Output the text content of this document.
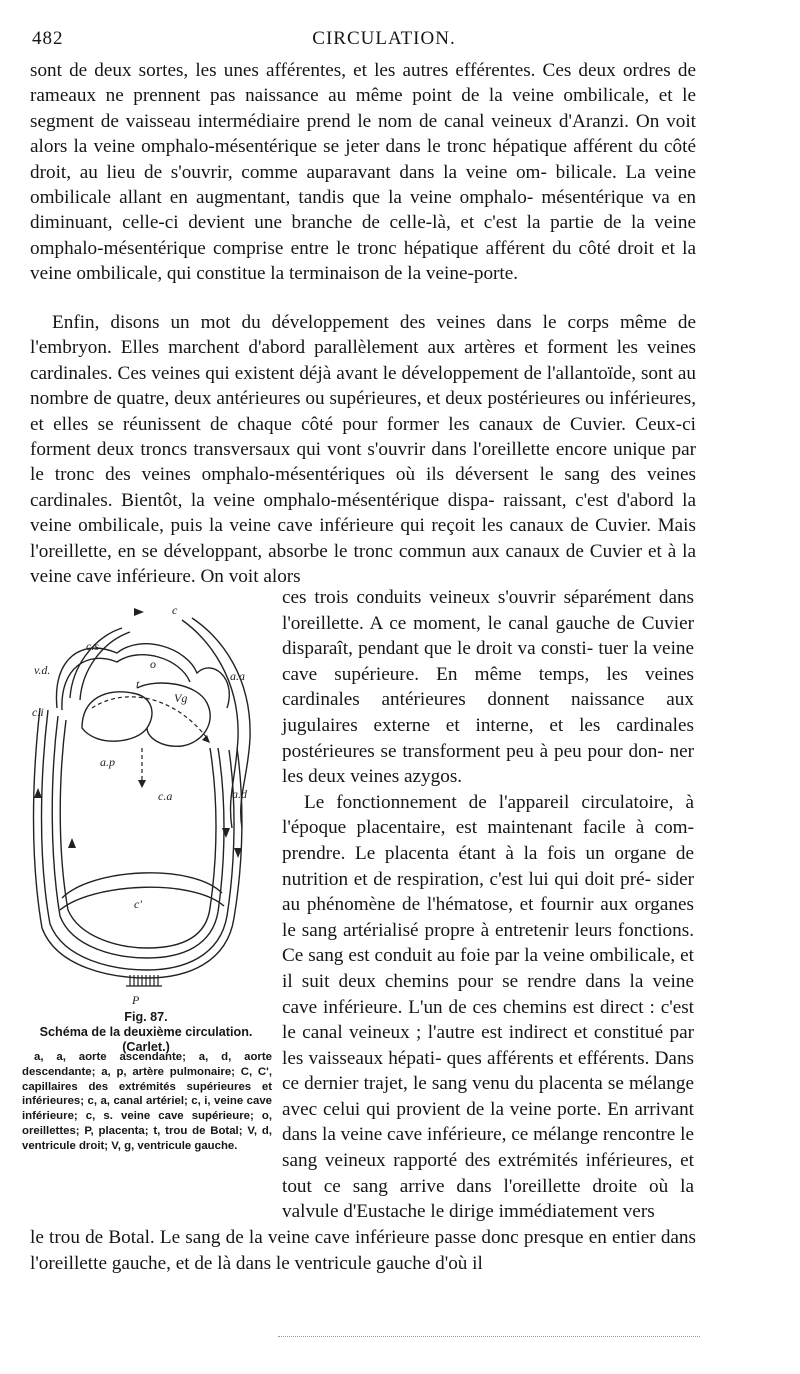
482	CIRCULATION.

sont de deux sortes, les unes afférentes, et les autres efférentes. Ces deux ordres de rameaux ne prennent pas naissance au même point de la veine ombilicale, et le segment de vaisseau intermédiaire prend le nom de canal veineux d'Aranzi. On voit alors la veine omphalo-mésentérique se jeter dans le tronc hépatique afférent du côté droit, au lieu de s'ouvrir, comme auparavant dans la veine om- bilicale. La veine ombilicale allant en augmentant, tandis que la veine omphalo- mésentérique va en diminuant, celle-ci devient une branche de celle-là, et c'est la partie de la veine omphalo-mésentérique comprise entre le tronc hépatique afférent du côté droit et la veine ombilicale, qui constitue la terminaison de la veine-porte.

Enfin, disons un mot du développement des veines dans le corps même de l'embryon. Elles marchent d'abord parallèlement aux artères et forment les veines cardinales. Ces veines qui existent déjà avant le développement de l'allantoïde, sont au nombre de quatre, deux antérieures ou supérieures, et deux postérieures ou inférieures, et elles se réunissent de chaque côté pour former les canaux de Cuvier. Ceux-ci forment deux troncs transversaux qui vont s'ouvrir dans l'oreillette encore unique par le tronc des veines omphalo-mésentériques où ils déversent le sang des veines cardinales. Bientôt, la veine omphalo-mésentérique dispa- raissant, c'est d'abord la veine ombilicale, puis la veine cave inférieure qui reçoit les canaux de Cuvier. Mais l'oreillette, en se développant, absorbe le tronc commun aux canaux de Cuvier et à la veine cave inférieure. On voit alors

c
c.s
v.d.
c.i
o
t
Vg
a.a
a.p
c.a	a.d
c'
P
Fig. 87.
Schéma de la deuxième circulation.
(Carlet.)
a, a, aorte ascendante; a, d, aorte descendante; a, p, artère pulmonaire; C, C', capillaires des extrémités supérieures et inférieures; c, a, canal artériel; c, i, veine cave inférieure; c, s. veine cave supérieure; o, oreillettes; P, placenta; t, trou de Botal; V, d, ventricule droit; V, g, ventricule gauche.

ces trois conduits veineux s'ouvrir séparément dans l'oreillette. A ce moment, le canal gauche de Cuvier disparaît, pendant que le droit va consti- tuer la veine cave supérieure. En même temps, les veines cardinales antérieures donnent naissance aux jugulaires externe et interne, et les cardinales postérieures se transforment peu à peu pour don- ner les deux veines azygos.

Le fonctionnement de l'appareil circulatoire, à l'époque placentaire, est maintenant facile à com- prendre. Le placenta étant à la fois un organe de nutrition et de respiration, c'est lui qui doit pré- sider au phénomène de l'hématose, et fournir aux organes le sang artérialisé propre à entretenir leurs fonctions. Ce sang est conduit au foie par la veine ombilicale, et il suit deux chemins pour se rendre dans la veine cave inférieure. L'un de ces chemins est direct : c'est le canal veineux ; l'autre est indirect et constitué par les vaisseaux hépati- ques afférents et efférents. Dans ce dernier trajet, le sang venu du placenta se mélange avec celui qui provient de la veine porte. En arrivant dans la veine cave inférieure, ce mélange rencontre le sang veineux rapporté des extrémités inférieures, et tout ce sang arrive dans l'oreillette droite où la valvule d'Eustache le dirige immédiatement vers

le trou de Botal. Le sang de la veine cave inférieure passe donc presque en entier dans l'oreillette gauche, et de là dans le ventricule gauche d'où il
